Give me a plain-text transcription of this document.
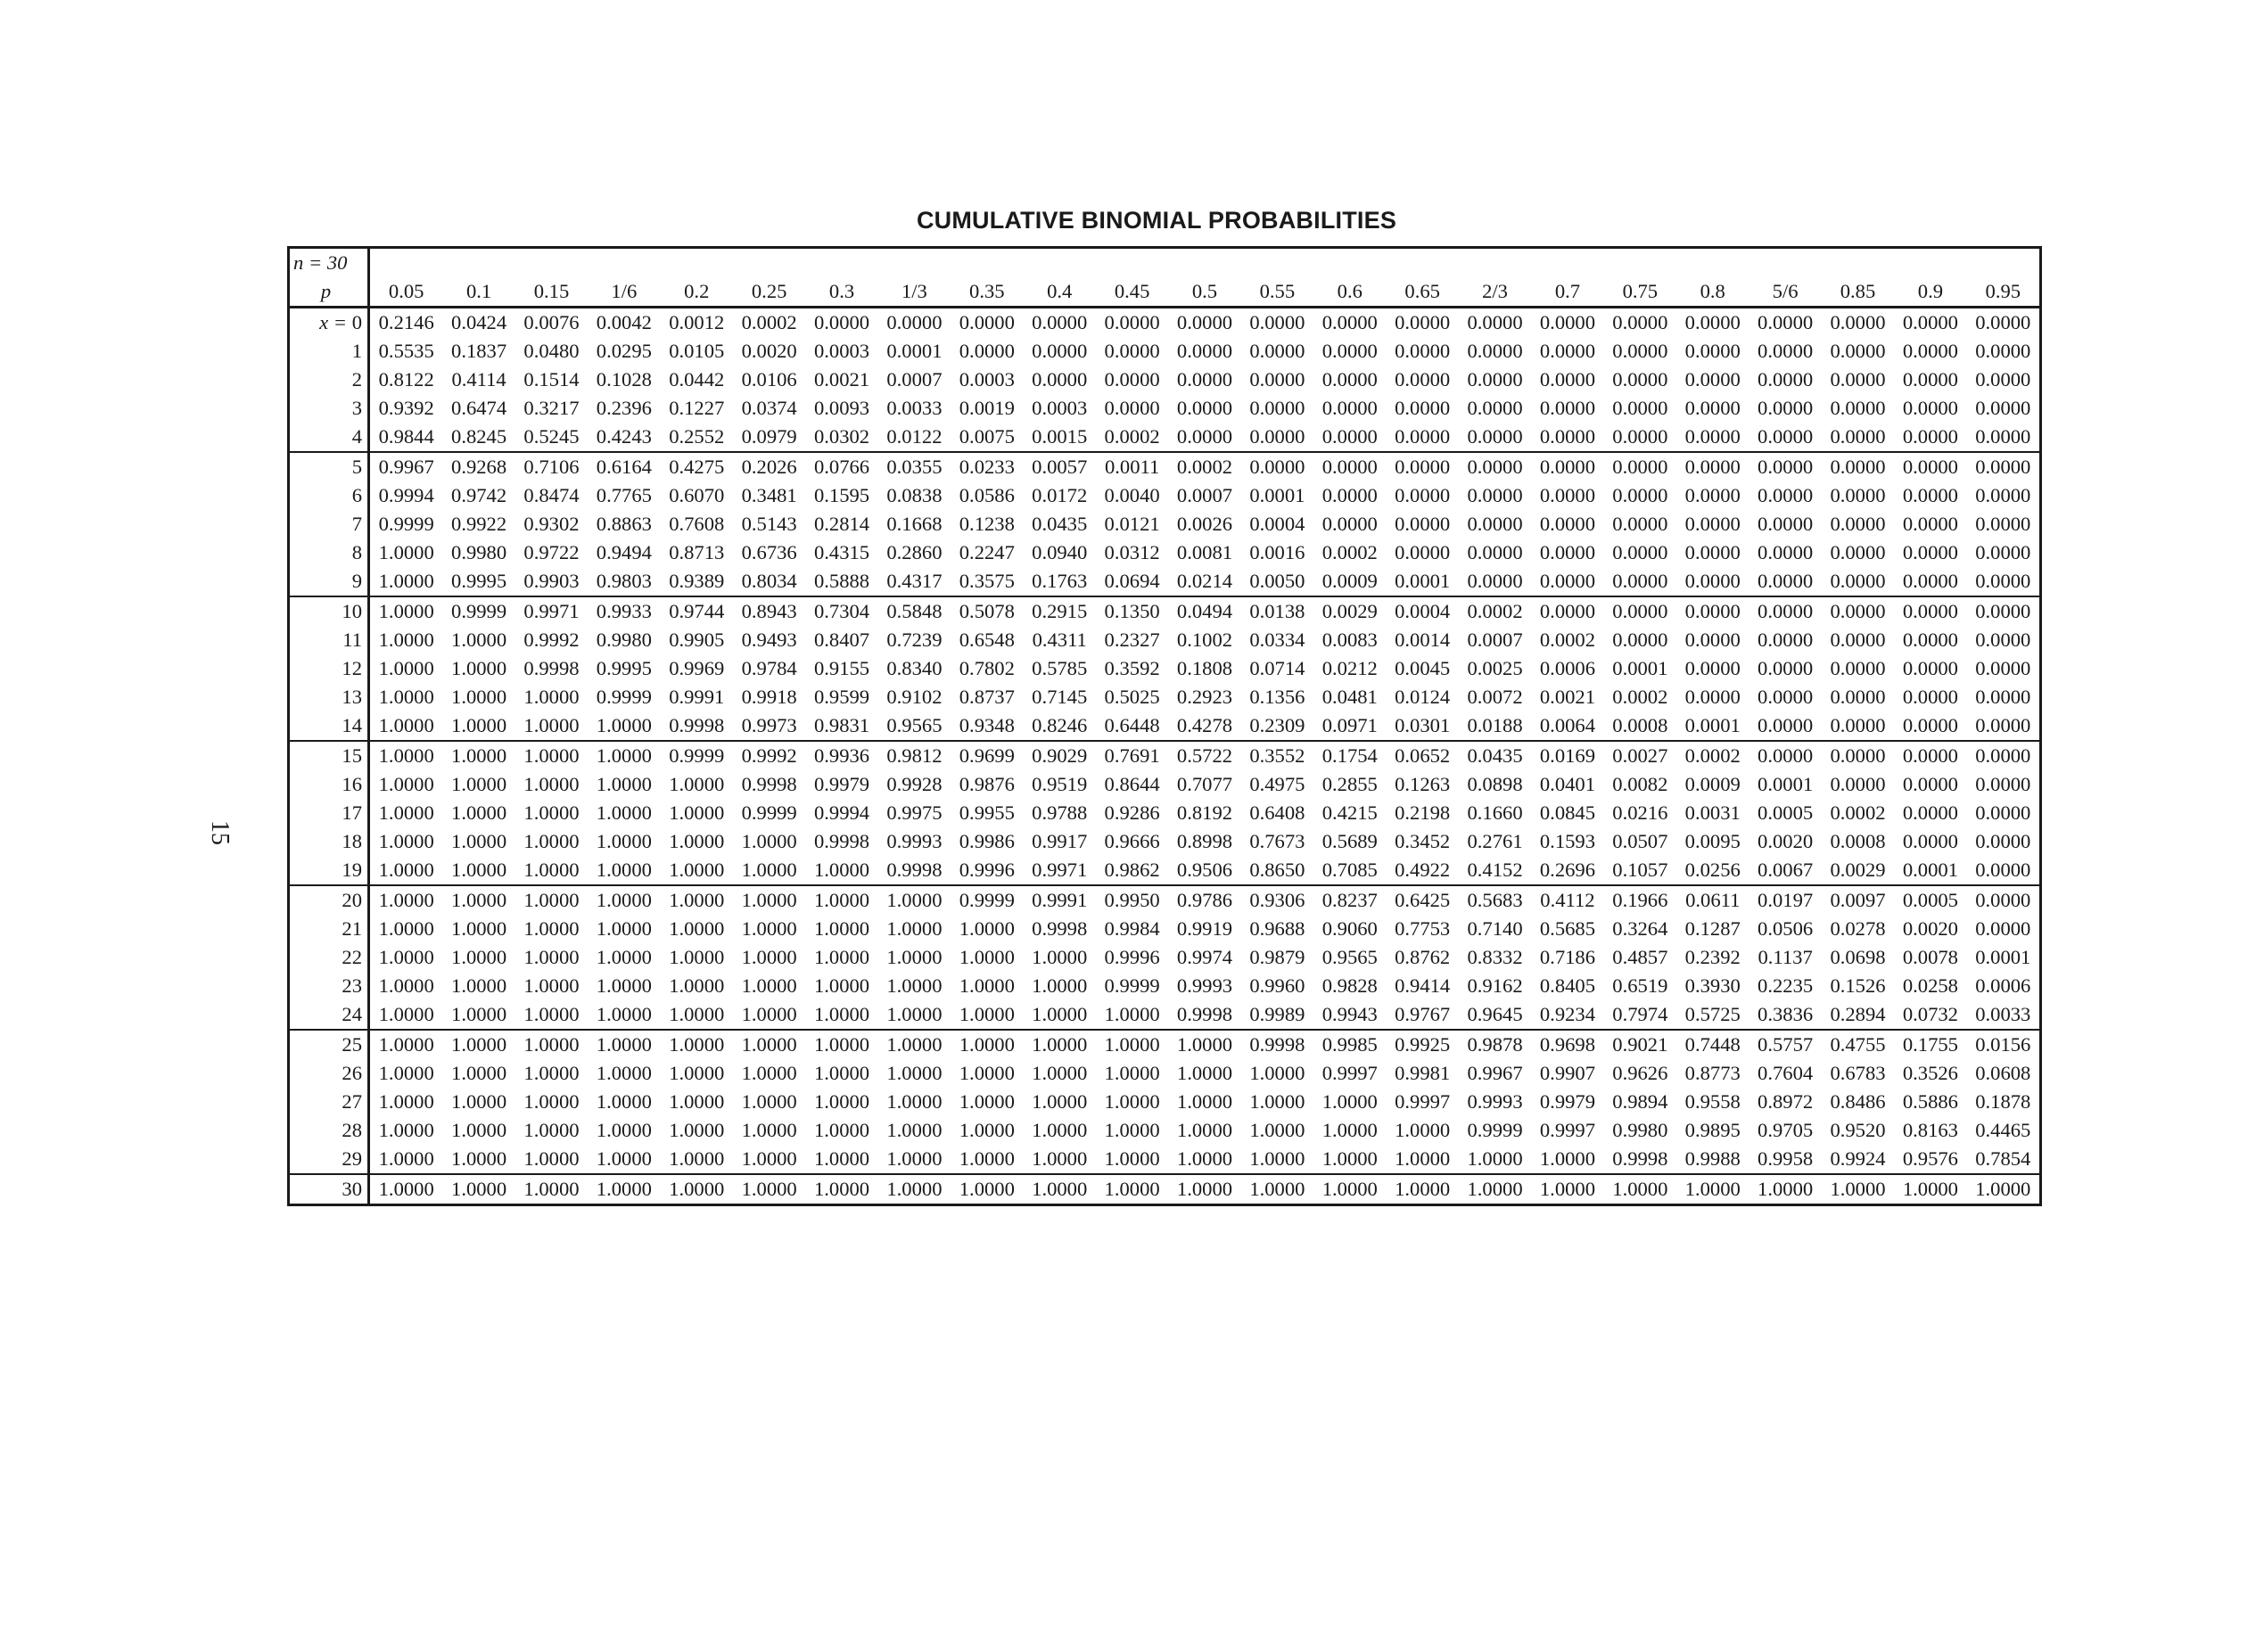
CUMULATIVE BINOMIAL PROBABILITIES
15
n = 30																							
p	0.05	0.1	0.15	1/6	0.2	0.25	0.3	1/3	0.35	0.4	0.45	0.5	0.55	0.6	0.65	2/3	0.7	0.75	0.8	5/6	0.85	0.9	0.95
x = 0	0.2146	0.0424	0.0076	0.0042	0.0012	0.0002	0.0000	0.0000	0.0000	0.0000	0.0000	0.0000	0.0000	0.0000	0.0000	0.0000	0.0000	0.0000	0.0000	0.0000	0.0000	0.0000	0.0000
1	0.5535	0.1837	0.0480	0.0295	0.0105	0.0020	0.0003	0.0001	0.0000	0.0000	0.0000	0.0000	0.0000	0.0000	0.0000	0.0000	0.0000	0.0000	0.0000	0.0000	0.0000	0.0000	0.0000
2	0.8122	0.4114	0.1514	0.1028	0.0442	0.0106	0.0021	0.0007	0.0003	0.0000	0.0000	0.0000	0.0000	0.0000	0.0000	0.0000	0.0000	0.0000	0.0000	0.0000	0.0000	0.0000	0.0000
3	0.9392	0.6474	0.3217	0.2396	0.1227	0.0374	0.0093	0.0033	0.0019	0.0003	0.0000	0.0000	0.0000	0.0000	0.0000	0.0000	0.0000	0.0000	0.0000	0.0000	0.0000	0.0000	0.0000
4	0.9844	0.8245	0.5245	0.4243	0.2552	0.0979	0.0302	0.0122	0.0075	0.0015	0.0002	0.0000	0.0000	0.0000	0.0000	0.0000	0.0000	0.0000	0.0000	0.0000	0.0000	0.0000	0.0000
5	0.9967	0.9268	0.7106	0.6164	0.4275	0.2026	0.0766	0.0355	0.0233	0.0057	0.0011	0.0002	0.0000	0.0000	0.0000	0.0000	0.0000	0.0000	0.0000	0.0000	0.0000	0.0000	0.0000
6	0.9994	0.9742	0.8474	0.7765	0.6070	0.3481	0.1595	0.0838	0.0586	0.0172	0.0040	0.0007	0.0001	0.0000	0.0000	0.0000	0.0000	0.0000	0.0000	0.0000	0.0000	0.0000	0.0000
7	0.9999	0.9922	0.9302	0.8863	0.7608	0.5143	0.2814	0.1668	0.1238	0.0435	0.0121	0.0026	0.0004	0.0000	0.0000	0.0000	0.0000	0.0000	0.0000	0.0000	0.0000	0.0000	0.0000
8	1.0000	0.9980	0.9722	0.9494	0.8713	0.6736	0.4315	0.2860	0.2247	0.0940	0.0312	0.0081	0.0016	0.0002	0.0000	0.0000	0.0000	0.0000	0.0000	0.0000	0.0000	0.0000	0.0000
9	1.0000	0.9995	0.9903	0.9803	0.9389	0.8034	0.5888	0.4317	0.3575	0.1763	0.0694	0.0214	0.0050	0.0009	0.0001	0.0000	0.0000	0.0000	0.0000	0.0000	0.0000	0.0000	0.0000
10	1.0000	0.9999	0.9971	0.9933	0.9744	0.8943	0.7304	0.5848	0.5078	0.2915	0.1350	0.0494	0.0138	0.0029	0.0004	0.0002	0.0000	0.0000	0.0000	0.0000	0.0000	0.0000	0.0000
11	1.0000	1.0000	0.9992	0.9980	0.9905	0.9493	0.8407	0.7239	0.6548	0.4311	0.2327	0.1002	0.0334	0.0083	0.0014	0.0007	0.0002	0.0000	0.0000	0.0000	0.0000	0.0000	0.0000
12	1.0000	1.0000	0.9998	0.9995	0.9969	0.9784	0.9155	0.8340	0.7802	0.5785	0.3592	0.1808	0.0714	0.0212	0.0045	0.0025	0.0006	0.0001	0.0000	0.0000	0.0000	0.0000	0.0000
13	1.0000	1.0000	1.0000	0.9999	0.9991	0.9918	0.9599	0.9102	0.8737	0.7145	0.5025	0.2923	0.1356	0.0481	0.0124	0.0072	0.0021	0.0002	0.0000	0.0000	0.0000	0.0000	0.0000
14	1.0000	1.0000	1.0000	1.0000	0.9998	0.9973	0.9831	0.9565	0.9348	0.8246	0.6448	0.4278	0.2309	0.0971	0.0301	0.0188	0.0064	0.0008	0.0001	0.0000	0.0000	0.0000	0.0000
15	1.0000	1.0000	1.0000	1.0000	0.9999	0.9992	0.9936	0.9812	0.9699	0.9029	0.7691	0.5722	0.3552	0.1754	0.0652	0.0435	0.0169	0.0027	0.0002	0.0000	0.0000	0.0000	0.0000
16	1.0000	1.0000	1.0000	1.0000	1.0000	0.9998	0.9979	0.9928	0.9876	0.9519	0.8644	0.7077	0.4975	0.2855	0.1263	0.0898	0.0401	0.0082	0.0009	0.0001	0.0000	0.0000	0.0000
17	1.0000	1.0000	1.0000	1.0000	1.0000	0.9999	0.9994	0.9975	0.9955	0.9788	0.9286	0.8192	0.6408	0.4215	0.2198	0.1660	0.0845	0.0216	0.0031	0.0005	0.0002	0.0000	0.0000
18	1.0000	1.0000	1.0000	1.0000	1.0000	1.0000	0.9998	0.9993	0.9986	0.9917	0.9666	0.8998	0.7673	0.5689	0.3452	0.2761	0.1593	0.0507	0.0095	0.0020	0.0008	0.0000	0.0000
19	1.0000	1.0000	1.0000	1.0000	1.0000	1.0000	1.0000	0.9998	0.9996	0.9971	0.9862	0.9506	0.8650	0.7085	0.4922	0.4152	0.2696	0.1057	0.0256	0.0067	0.0029	0.0001	0.0000
20	1.0000	1.0000	1.0000	1.0000	1.0000	1.0000	1.0000	1.0000	0.9999	0.9991	0.9950	0.9786	0.9306	0.8237	0.6425	0.5683	0.4112	0.1966	0.0611	0.0197	0.0097	0.0005	0.0000
21	1.0000	1.0000	1.0000	1.0000	1.0000	1.0000	1.0000	1.0000	1.0000	0.9998	0.9984	0.9919	0.9688	0.9060	0.7753	0.7140	0.5685	0.3264	0.1287	0.0506	0.0278	0.0020	0.0000
22	1.0000	1.0000	1.0000	1.0000	1.0000	1.0000	1.0000	1.0000	1.0000	1.0000	0.9996	0.9974	0.9879	0.9565	0.8762	0.8332	0.7186	0.4857	0.2392	0.1137	0.0698	0.0078	0.0001
23	1.0000	1.0000	1.0000	1.0000	1.0000	1.0000	1.0000	1.0000	1.0000	1.0000	0.9999	0.9993	0.9960	0.9828	0.9414	0.9162	0.8405	0.6519	0.3930	0.2235	0.1526	0.0258	0.0006
24	1.0000	1.0000	1.0000	1.0000	1.0000	1.0000	1.0000	1.0000	1.0000	1.0000	1.0000	0.9998	0.9989	0.9943	0.9767	0.9645	0.9234	0.7974	0.5725	0.3836	0.2894	0.0732	0.0033
25	1.0000	1.0000	1.0000	1.0000	1.0000	1.0000	1.0000	1.0000	1.0000	1.0000	1.0000	1.0000	0.9998	0.9985	0.9925	0.9878	0.9698	0.9021	0.7448	0.5757	0.4755	0.1755	0.0156
26	1.0000	1.0000	1.0000	1.0000	1.0000	1.0000	1.0000	1.0000	1.0000	1.0000	1.0000	1.0000	1.0000	0.9997	0.9981	0.9967	0.9907	0.9626	0.8773	0.7604	0.6783	0.3526	0.0608
27	1.0000	1.0000	1.0000	1.0000	1.0000	1.0000	1.0000	1.0000	1.0000	1.0000	1.0000	1.0000	1.0000	1.0000	0.9997	0.9993	0.9979	0.9894	0.9558	0.8972	0.8486	0.5886	0.1878
28	1.0000	1.0000	1.0000	1.0000	1.0000	1.0000	1.0000	1.0000	1.0000	1.0000	1.0000	1.0000	1.0000	1.0000	1.0000	0.9999	0.9997	0.9980	0.9895	0.9705	0.9520	0.8163	0.4465
29	1.0000	1.0000	1.0000	1.0000	1.0000	1.0000	1.0000	1.0000	1.0000	1.0000	1.0000	1.0000	1.0000	1.0000	1.0000	1.0000	1.0000	0.9998	0.9988	0.9958	0.9924	0.9576	0.7854
30	1.0000	1.0000	1.0000	1.0000	1.0000	1.0000	1.0000	1.0000	1.0000	1.0000	1.0000	1.0000	1.0000	1.0000	1.0000	1.0000	1.0000	1.0000	1.0000	1.0000	1.0000	1.0000	1.0000
